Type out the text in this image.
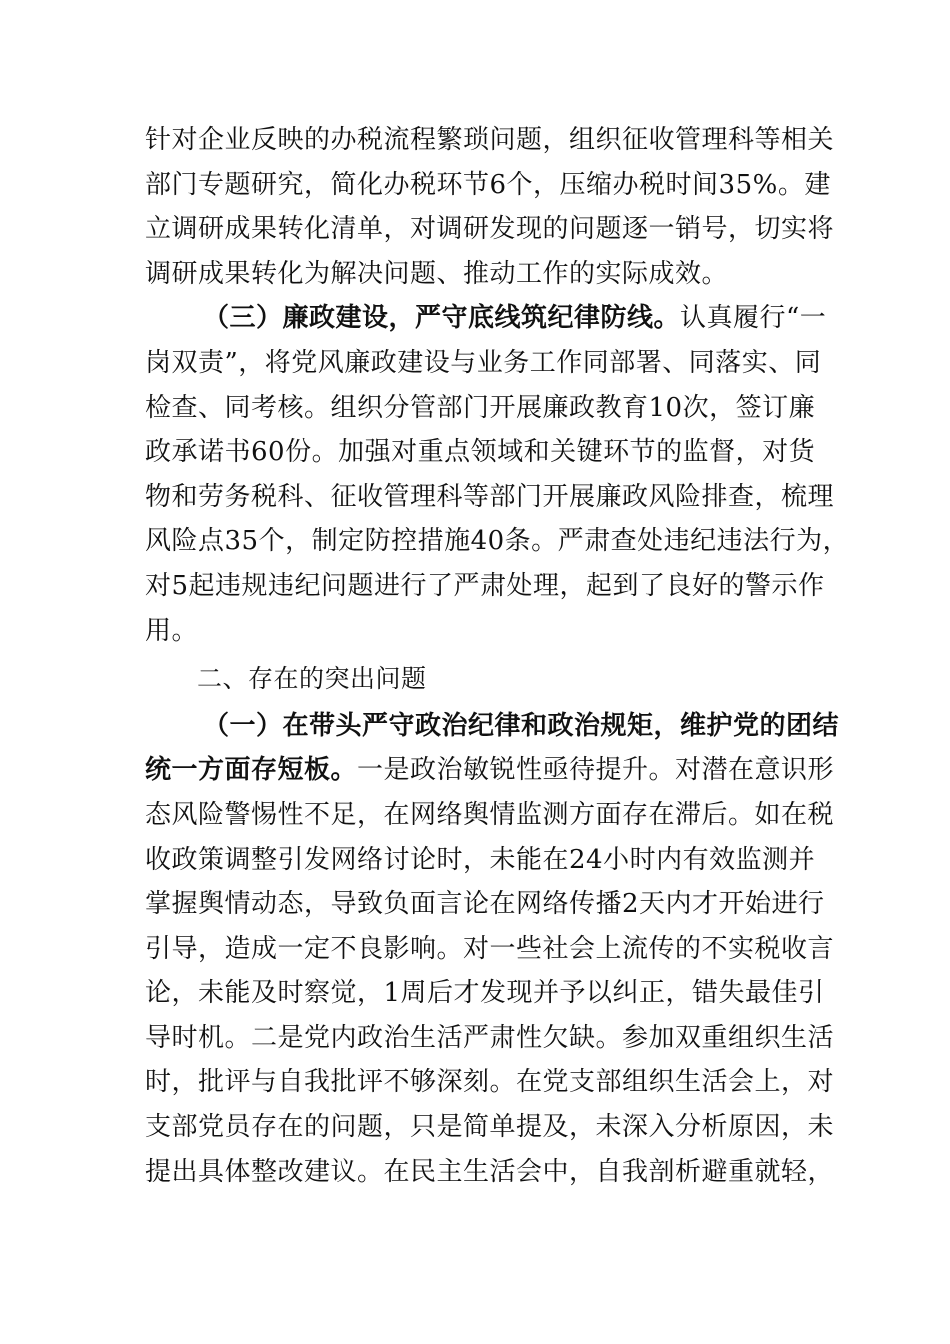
针对企业反映的办税流程繁琐问题，组织征收管理科等相关
部门专题研究，简化办税环节6个，压缩办税时间35%。建
立调研成果转化清单，对调研发现的问题逐一销号，切实将
调研成果转化为解决问题、推动工作的实际成效。
（三）廉政建设，严守底线筑纪律防线。认真履行“一
岗双责”，将党风廉政建设与业务工作同部署、同落实、同
检查、同考核。组织分管部门开展廉政教育10次，签订廉
政承诺书60份。加强对重点领域和关键环节的监督，对货
物和劳务税科、征收管理科等部门开展廉政风险排查，梳理
风险点35个，制定防控措施40条。严肃查处违纪违法行为，
对5起违规违纪问题进行了严肃处理，起到了良好的警示作
用。
二、存在的突出问题
（一）在带头严守政治纪律和政治规矩，维护党的团结
统一方面存短板。一是政治敏锐性亟待提升。对潜在意识形
态风险警惕性不足，在网络舆情监测方面存在滞后。如在税
收政策调整引发网络讨论时，未能在24小时内有效监测并
掌握舆情动态，导致负面言论在网络传播2天内才开始进行
引导，造成一定不良影响。对一些社会上流传的不实税收言
论，未能及时察觉，1周后才发现并予以纠正，错失最佳引
导时机。二是党内政治生活严肃性欠缺。参加双重组织生活
时，批评与自我批评不够深刻。在党支部组织生活会上，对
支部党员存在的问题，只是简单提及，未深入分析原因，未
提出具体整改建议。在民主生活会中，自我剖析避重就轻，
